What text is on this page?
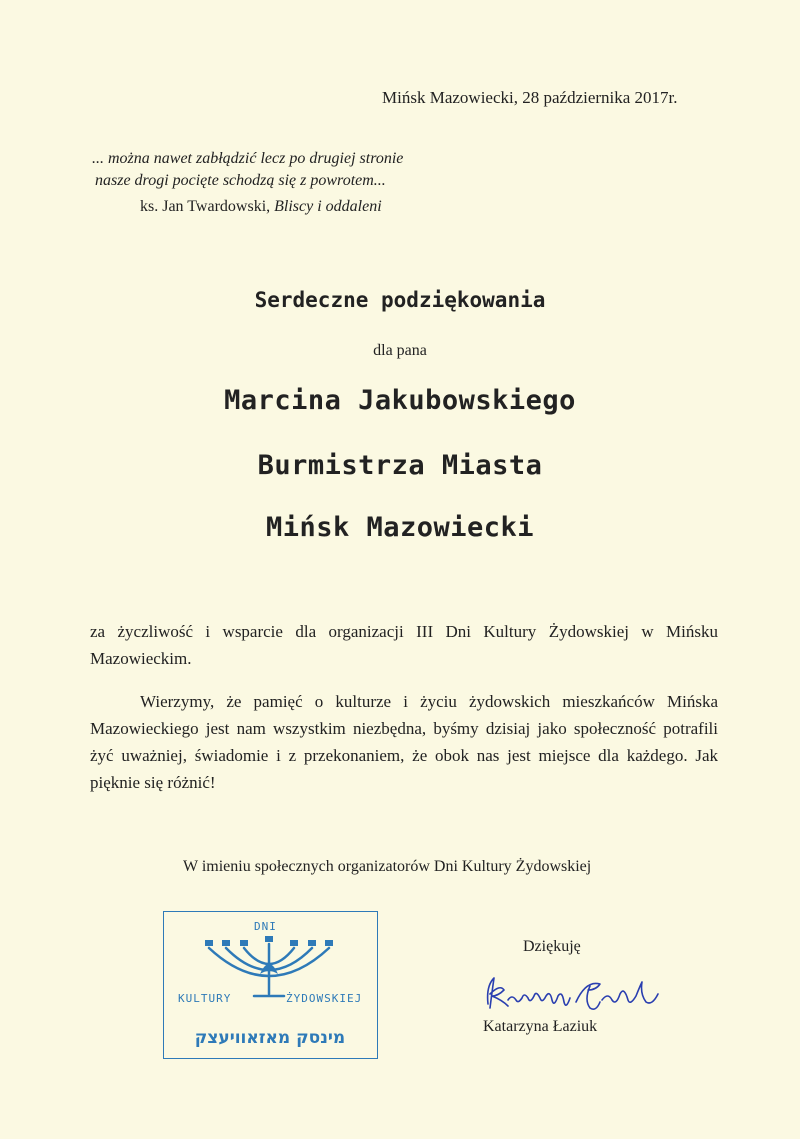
Mińsk Mazowiecki, 28 października 2017r.
... można nawet zabłądzić lecz po drugiej stronie
nasze drogi pocięte schodzą się z powrotem...
ks. Jan Twardowski, Bliscy i oddaleni
Serdeczne podziękowania
dla pana
Marcina Jakubowskiego
Burmistrza Miasta
Mińsk Mazowiecki
za życzliwość i wsparcie dla organizacji III Dni Kultury Żydowskiej w Mińsku Mazowieckim.
Wierzymy, że pamięć o kulturze i życiu żydowskich mieszkańców Mińska Mazowieckiego jest nam wszystkim niezbędna, byśmy dzisiaj jako społeczność potrafili żyć uważniej, świadomie i z przekonaniem, że obok nas jest miejsce dla każdego. Jak pięknie się różnić!
W imieniu społecznych organizatorów Dni Kultury Żydowskiej
DNI
KULTURY	ŻYDOWSKIEJ
מינסק מאזאוויעצק
Dziękuję
Katarzyna Łaziuk
